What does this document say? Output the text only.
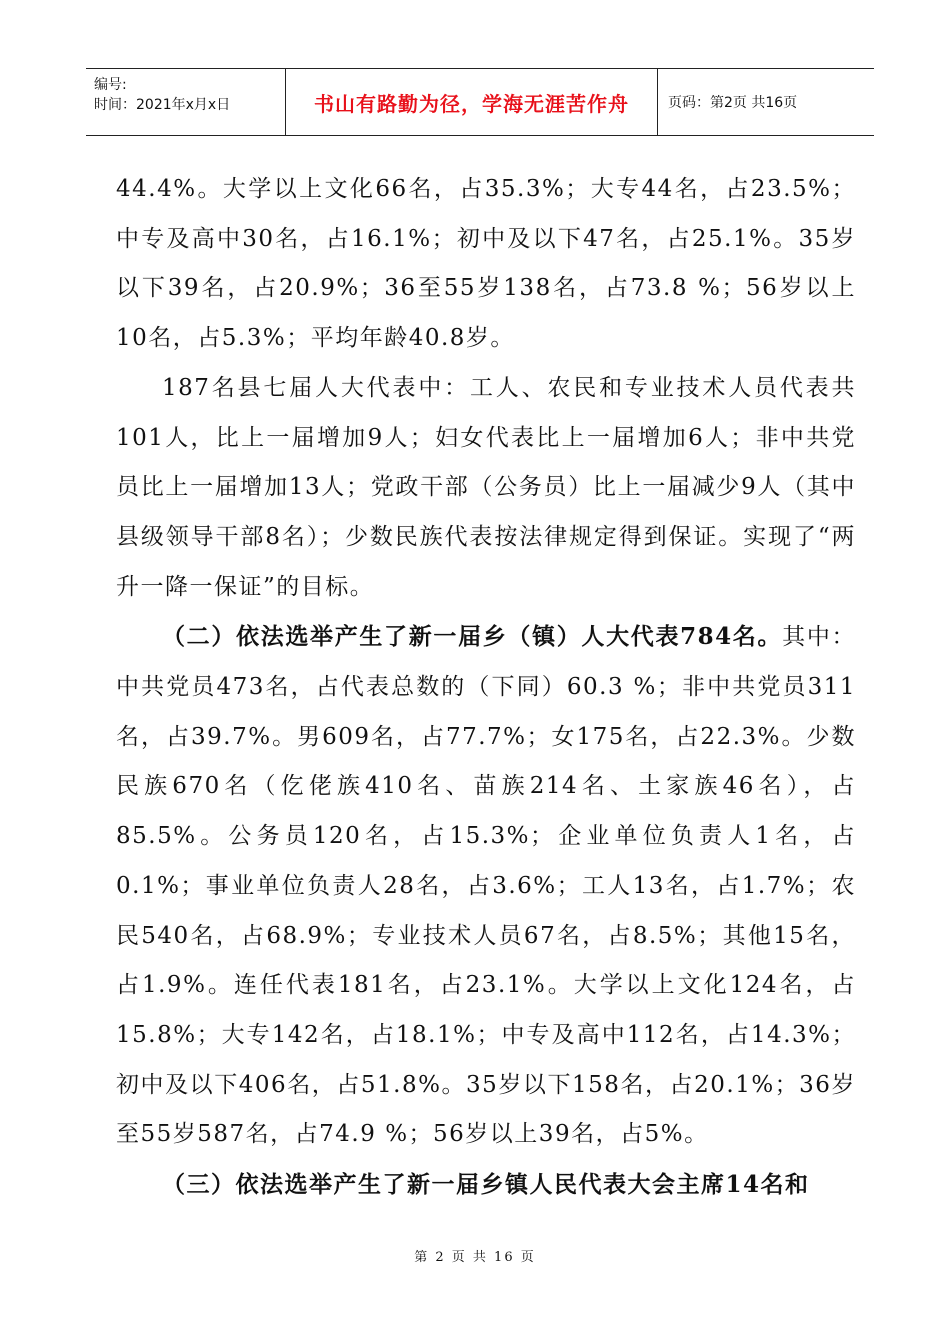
编号:
时间：2021年x月x日	书山有路勤为径，学海无涯苦作舟	页码：第2页 共16页

44.4%。大学以上文化66名，占35.3%；大专44名，占23.5%；中专及高中30名，占16.1%；初中及以下47名，占25.1%。35岁以下39名，占20.9%；36至55岁138名，占73.8 %；56岁以上10名，占5.3%；平均年龄40.8岁。

187名县七届人大代表中：工人、农民和专业技术人员代表共101人，比上一届增加9人；妇女代表比上一届增加6人；非中共党员比上一届增加13人；党政干部（公务员）比上一届减少9人（其中县级领导干部8名）；少数民族代表按法律规定得到保证。实现了“两升一降一保证”的目标。

（二）依法选举产生了新一届乡（镇）人大代表784名。其中：中共党员473名，占代表总数的（下同）60.3 %；非中共党员311名，占39.7%。男609名，占77.7%；女175名，占22.3%。少数民族670名（仡佬族410名、苗族214名、土家族46名），占85.5%。公务员120名，占15.3%；企业单位负责人1名，占0.1%；事业单位负责人28名，占3.6%；工人13名，占1.7%；农民540名，占68.9%；专业技术人员67名，占8.5%；其他15名，占1.9%。连任代表181名，占23.1%。大学以上文化124名，占15.8%；大专142名，占18.1%；中专及高中112名，占14.3%；初中及以下406名，占51.8%。35岁以下158名，占20.1%；36岁至55岁587名，占74.9 %；56岁以上39名，占5%。

（三）依法选举产生了新一届乡镇人民代表大会主席14名和

第 2 页 共 16 页
